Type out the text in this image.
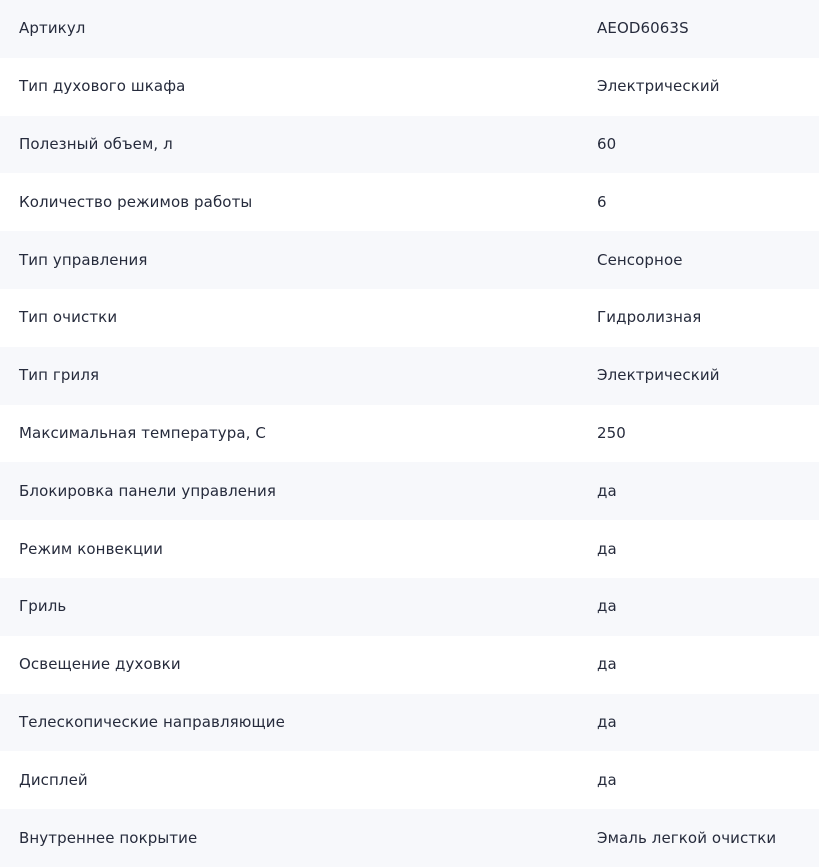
Артикул	AEOD6063S
Тип духового шкафа	Электрический
Полезный объем, л	60
Количество режимов работы	6
Тип управления	Сенсорное
Тип очистки	Гидролизная
Тип гриля	Электрический
Максимальная температура, С	250
Блокировка панели управления	да
Режим конвекции	да
Гриль	да
Освещение духовки	да
Телескопические направляющие	да
Дисплей	да
Внутреннее покрытие	Эмаль легкой очистки
